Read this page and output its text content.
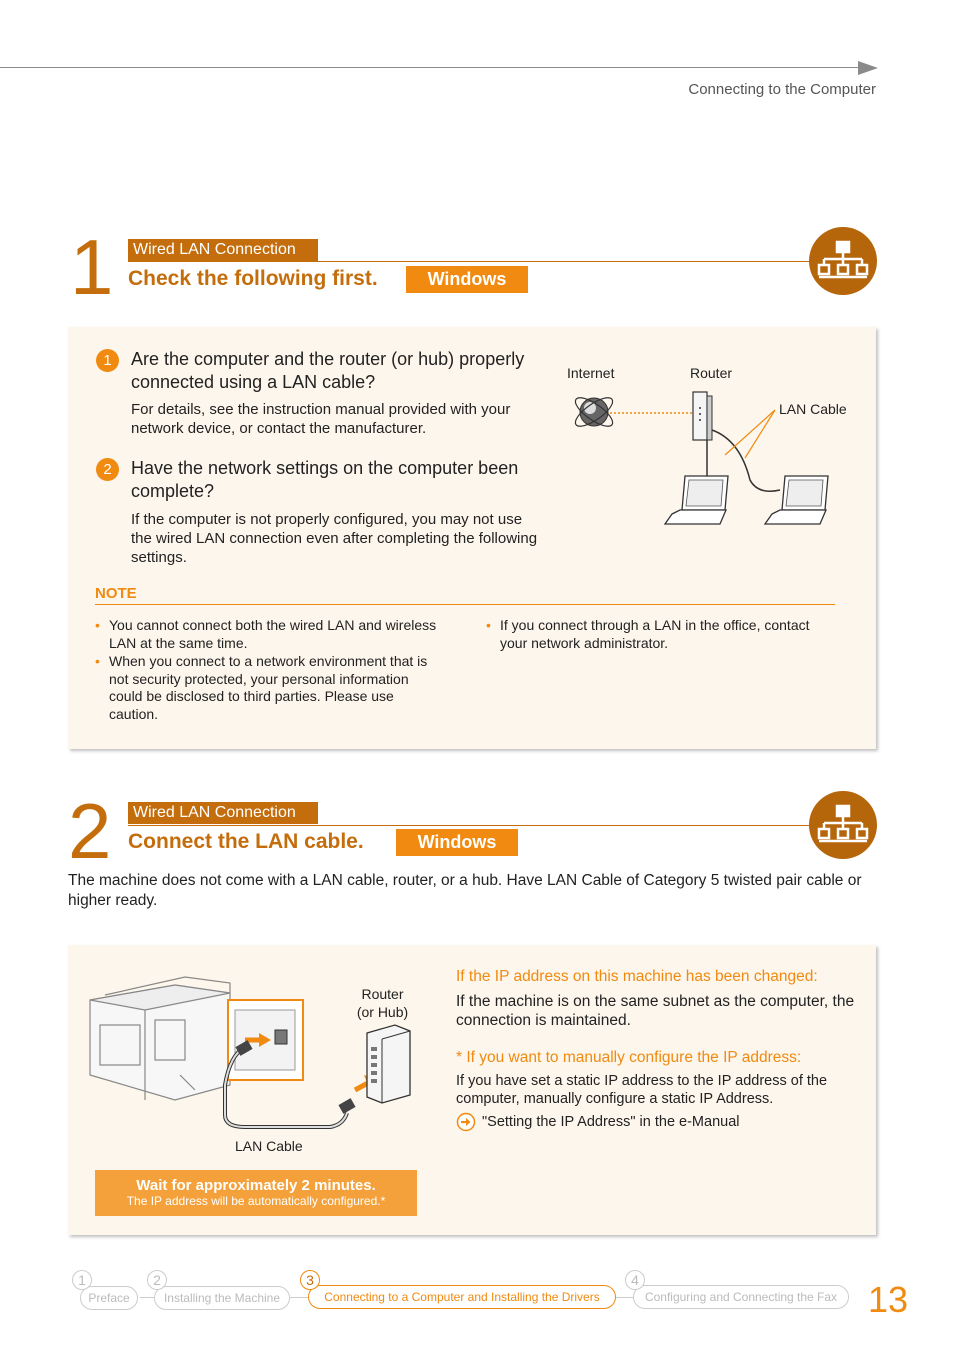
Connecting to the Computer
1	Wired LAN Connection
Check the following first.	Windows
1	Are the computer and the router (or hub) properly connected using a LAN cable?
For details, see the instruction manual provided with your network device, or contact the manufacturer.
2	Have the network settings on the computer been complete?
If the computer is not properly configured, you may not use the wired LAN connection even after completing the following settings.
Internet	Router
LAN Cable
NOTE
• You cannot connect both the wired LAN and wireless LAN at the same time.
• When you connect to a network environment that is not security protected, your personal information could be disclosed to third parties. Please use caution.
• If you connect through a LAN in the office, contact your network administrator.
2	Wired LAN Connection
Connect the LAN cable.	Windows
The machine does not come with a LAN cable, router, or a hub. Have LAN Cable of Category 5 twisted pair cable or higher ready.
Router
(or Hub)
LAN Cable
Wait for approximately 2 minutes.
The IP address will be automatically configured.*
If the IP address on this machine has been changed:
If the machine is on the same subnet as the computer, the connection is maintained.
* If you want to manually configure the IP address:
If you have set a static IP address to the IP address of the computer, manually configure a static IP Address.
"Setting the IP Address" in the e-Manual
Preface
1
Installing the Machine
2
Connecting to a Computer and Installing the Drivers
3
Configuring and Connecting the Fax
4	13
